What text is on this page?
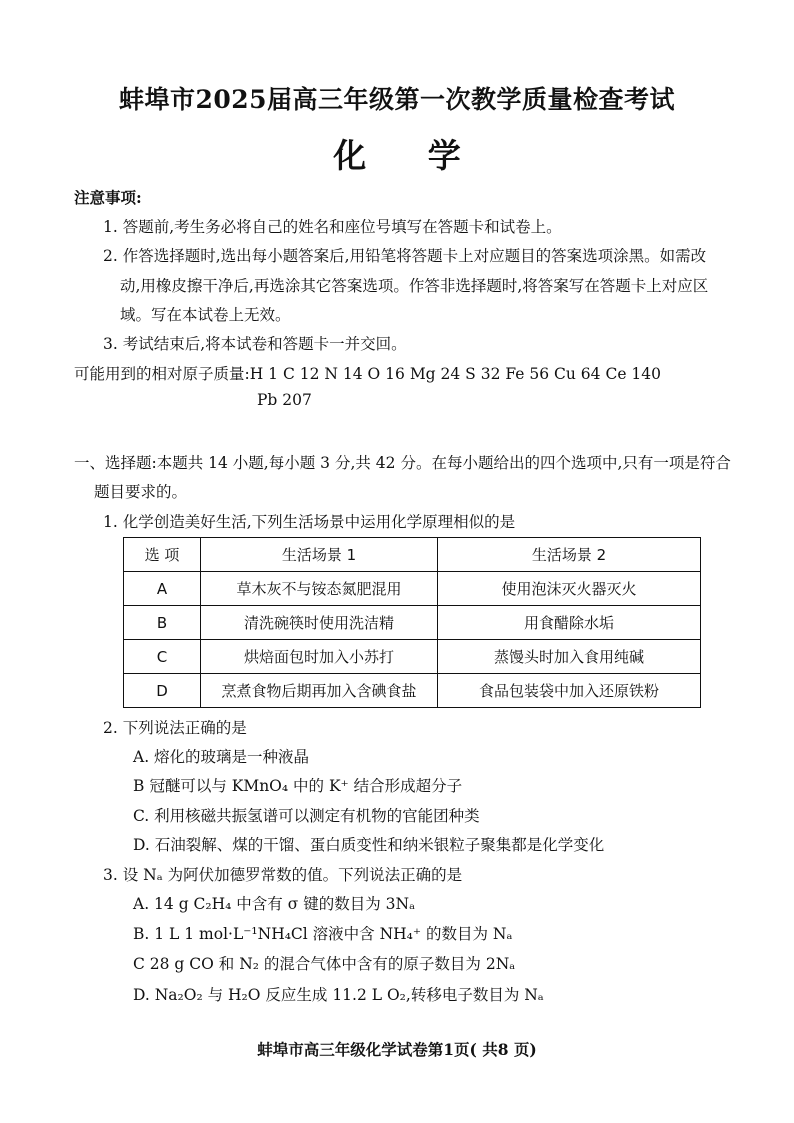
蚌埠市2025届高三年级第一次教学质量检查考试
化 学
注意事项:
1. 答题前,考生务必将自己的姓名和座位号填写在答题卡和试卷上。
2. 作答选择题时,选出每小题答案后,用铅笔将答题卡上对应题目的答案选项涂黑。如需改
动,用橡皮擦干净后,再选涂其它答案选项。作答非选择题时,将答案写在答题卡上对应区
域。写在本试卷上无效。
3. 考试结束后,将本试卷和答题卡一并交回。
可能用到的相对原子质量:H 1 C 12 N 14 O 16 Mg 24 S 32 Fe 56 Cu 64 Ce 140
Pb 207
一、选择题:本题共 14 小题,每小题 3 分,共 42 分。在每小题给出的四个选项中,只有一项是符合
题目要求的。
1. 化学创造美好生活,下列生活场景中运用化学原理相似的是
选 项	生活场景 1	生活场景 2
A	草木灰不与铵态氮肥混用	使用泡沫灭火器灭火
B	清洗碗筷时使用洗洁精	用食醋除水垢
C	烘焙面包时加入小苏打	蒸馒头时加入食用纯碱
D	烹煮食物后期再加入含碘食盐	食品包装袋中加入还原铁粉
2. 下列说法正确的是
A. 熔化的玻璃是一种液晶
B 冠醚可以与 KMnO₄ 中的 K⁺ 结合形成超分子
C. 利用核磁共振氢谱可以测定有机物的官能团种类
D. 石油裂解、煤的干馏、蛋白质变性和纳米银粒子聚集都是化学变化
3. 设 Nₐ 为阿伏加德罗常数的值。下列说法正确的是
A. 14 g C₂H₄ 中含有 σ 键的数目为 3Nₐ
B. 1 L 1 mol·L⁻¹NH₄Cl 溶液中含 NH₄⁺ 的数目为 Nₐ
C 28 g CO 和 N₂ 的混合气体中含有的原子数目为 2Nₐ
D. Na₂O₂ 与 H₂O 反应生成 11.2 L O₂,转移电子数目为 Nₐ
蚌埠市高三年级化学试卷第1页( 共8 页)
